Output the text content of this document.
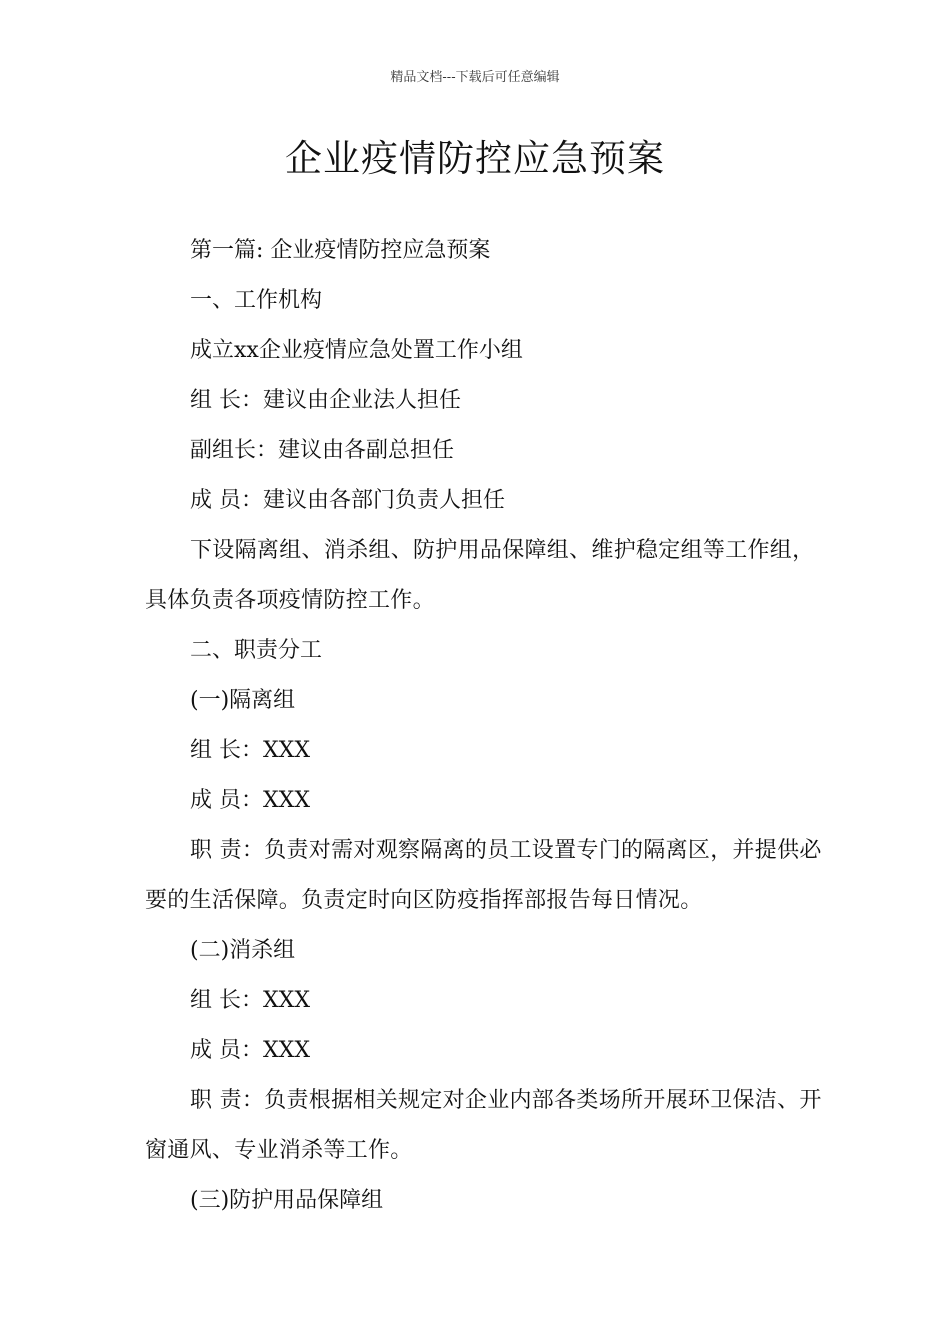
精品文档---下载后可任意编辑
企业疫情防控应急预案

第一篇: 企业疫情防控应急预案

一、工作机构

成立xx企业疫情应急处置工作小组

组 长：建议由企业法人担任

副组长：建议由各副总担任

成 员：建议由各部门负责人担任

下设隔离组、消杀组、防护用品保障组、维护稳定组等工作组，具体负责各项疫情防控工作。

二、职责分工

(一)隔离组

组 长：XXX

成 员：XXX

职 责：负责对需对观察隔离的员工设置专门的隔离区，并提供必要的生活保障。负责定时向区防疫指挥部报告每日情况。

(二)消杀组

组 长：XXX

成 员：XXX

职 责：负责根据相关规定对企业内部各类场所开展环卫保洁、开窗通风、专业消杀等工作。

(三)防护用品保障组
